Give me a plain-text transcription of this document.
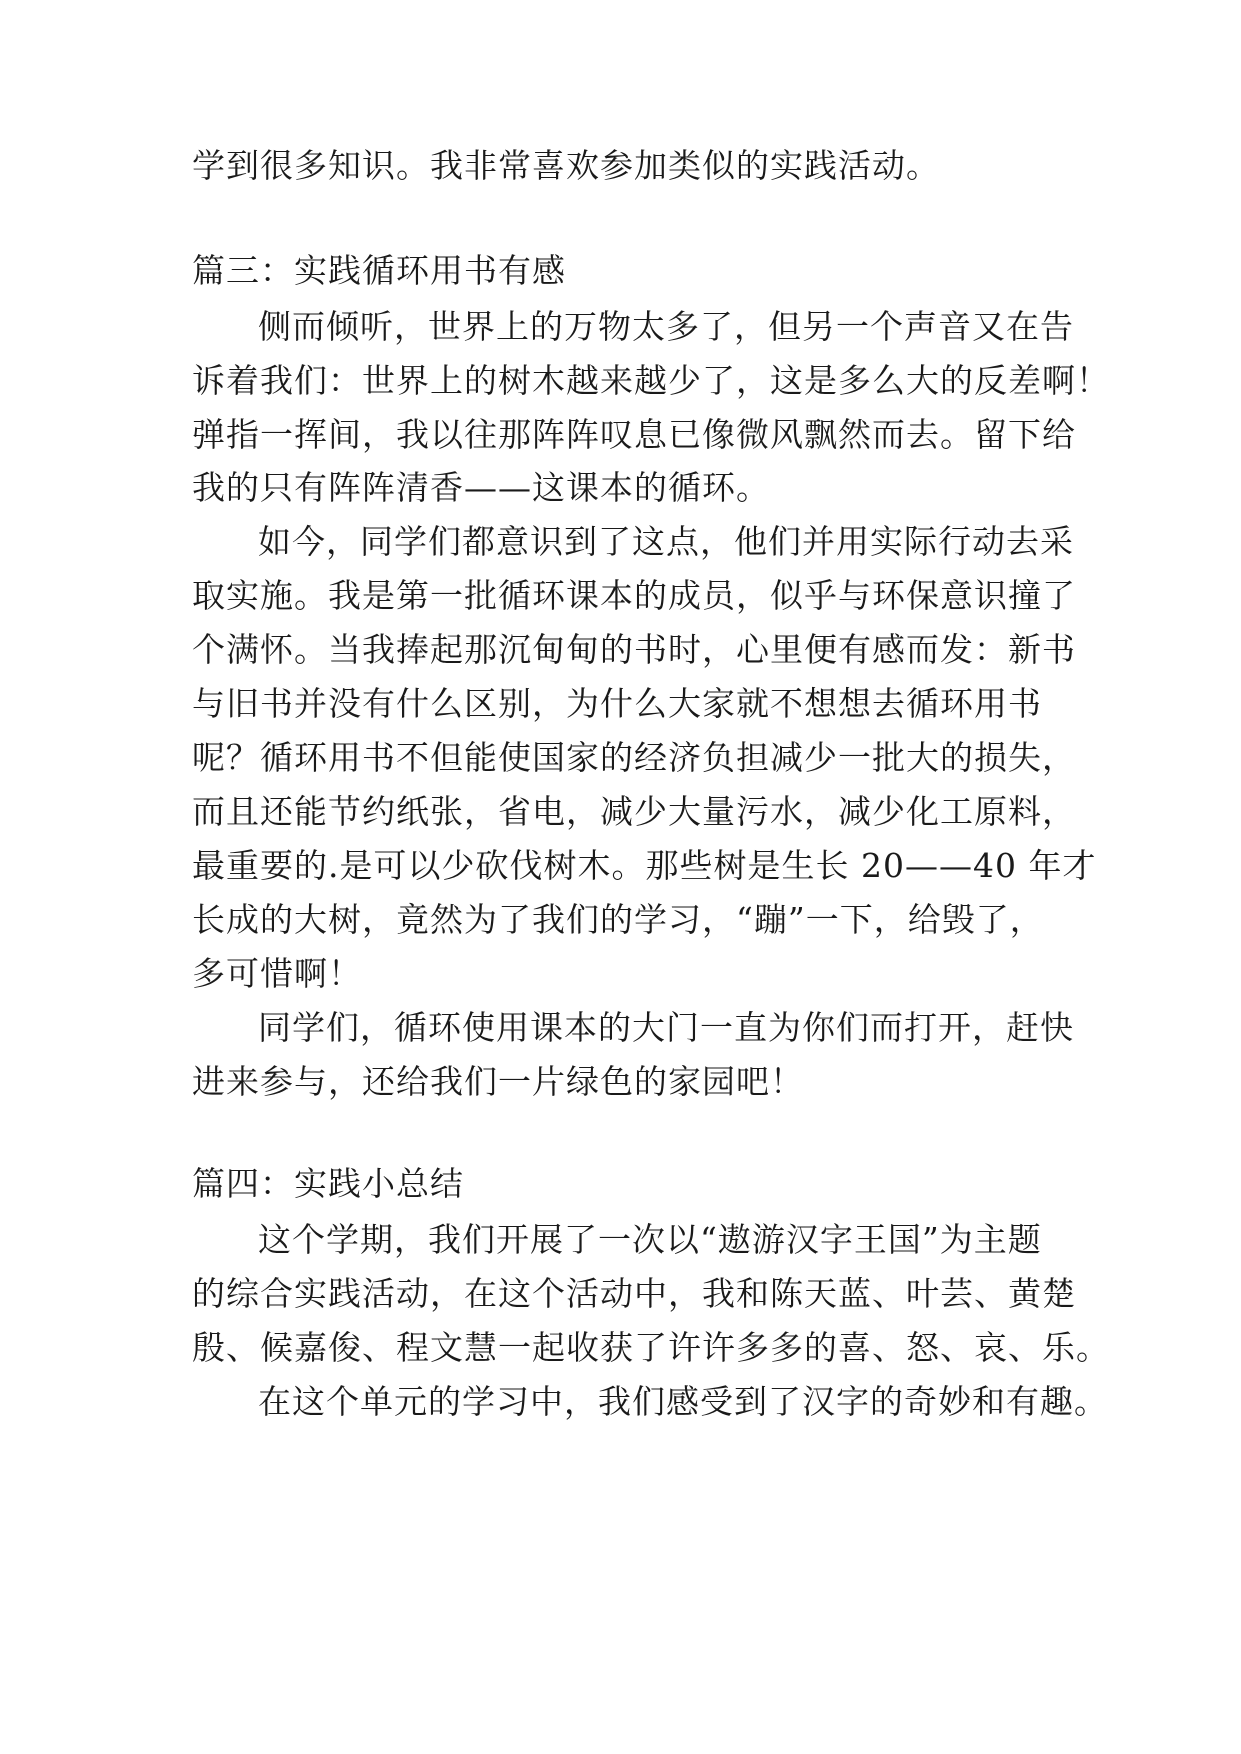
学到很多知识。我非常喜欢参加类似的实践活动。
篇三：实践循环用书有感
侧而倾听，世界上的万物太多了，但另一个声音又在告
诉着我们：世界上的树木越来越少了，这是多么大的反差啊！
弹指一挥间，我以往那阵阵叹息已像微风飘然而去。留下给
我的只有阵阵清香——这课本的循环。
如今，同学们都意识到了这点，他们并用实际行动去采
取实施。我是第一批循环课本的成员，似乎与环保意识撞了
个满怀。当我捧起那沉甸甸的书时，心里便有感而发：新书
与旧书并没有什么区别，为什么大家就不想想去循环用书
呢？循环用书不但能使国家的经济负担减少一批大的损失，
而且还能节约纸张，省电，减少大量污水，减少化工原料，
最重要的.是可以少砍伐树木。那些树是生长 20——40 年才
长成的大树，竟然为了我们的学习，“蹦”一下，给毁了，
多可惜啊！
同学们，循环使用课本的大门一直为你们而打开，赶快
进来参与，还给我们一片绿色的家园吧！
篇四：实践小总结
这个学期，我们开展了一次以“遨游汉字王国”为主题
的综合实践活动，在这个活动中，我和陈天蓝、叶芸、黄楚
殷、候嘉俊、程文慧一起收获了许许多多的喜、怒、哀、乐。
在这个单元的学习中，我们感受到了汉字的奇妙和有趣。
